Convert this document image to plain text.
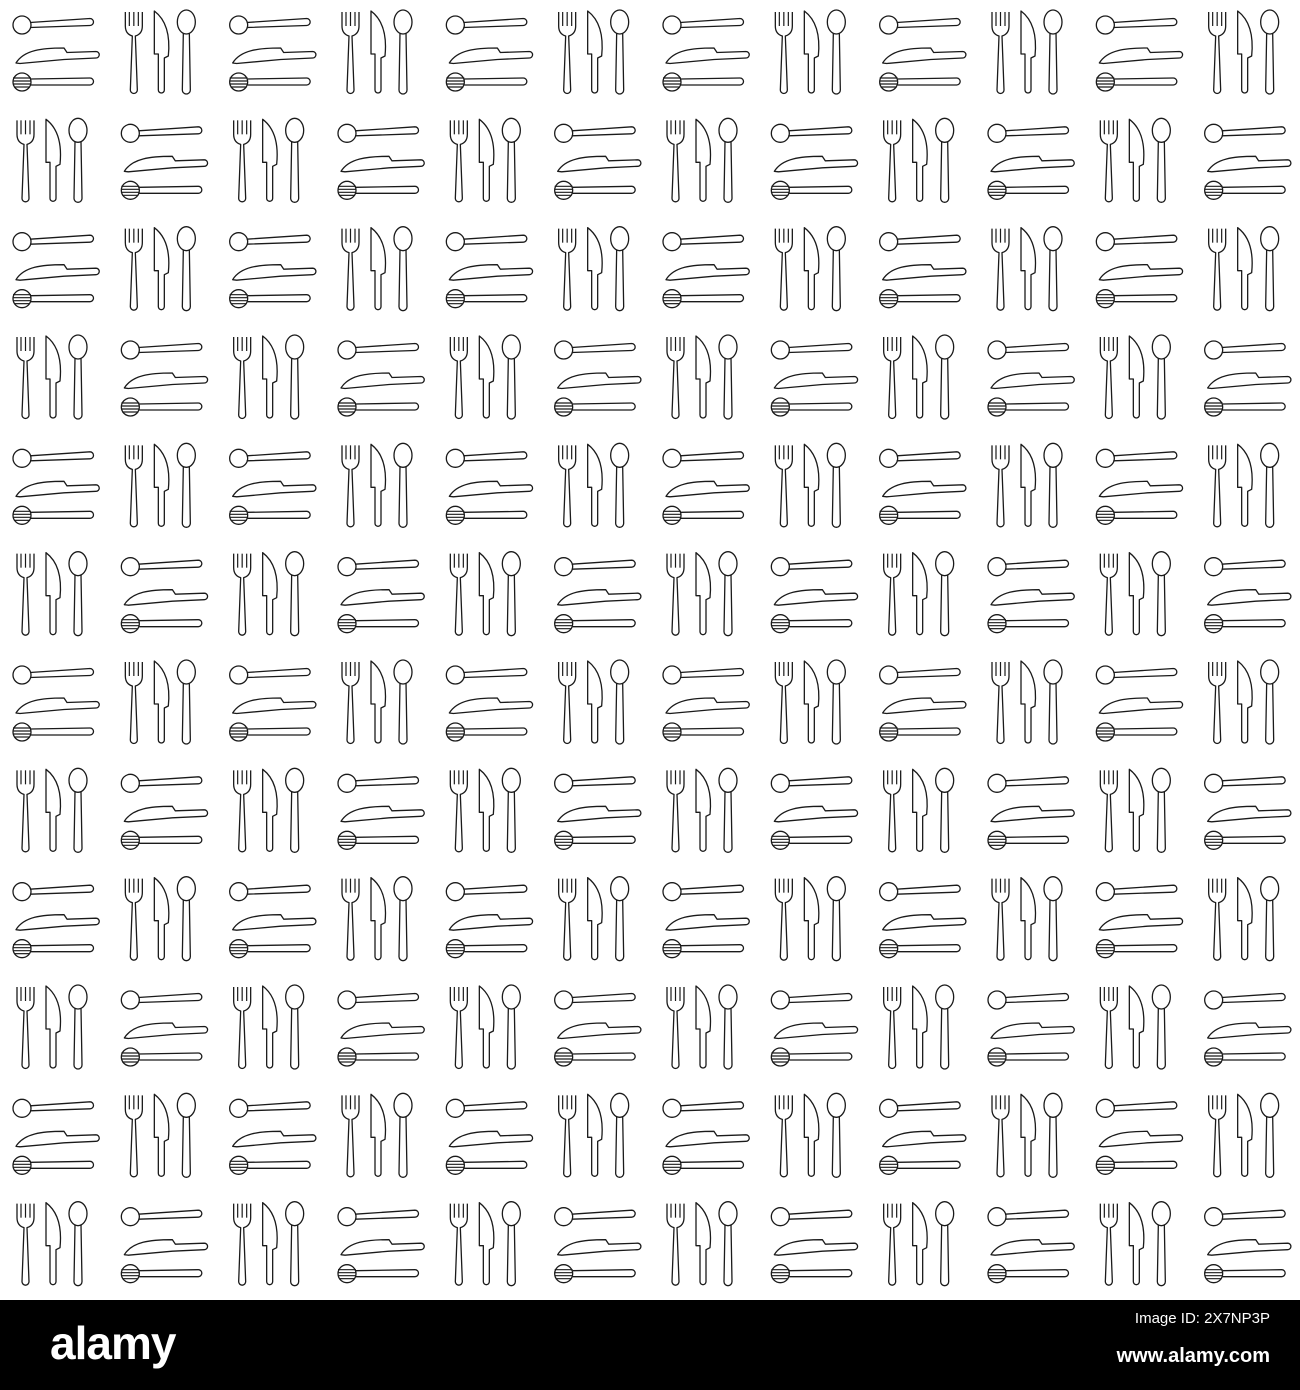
alamy	Image ID: 2X7NP3P
www.alamy.com
